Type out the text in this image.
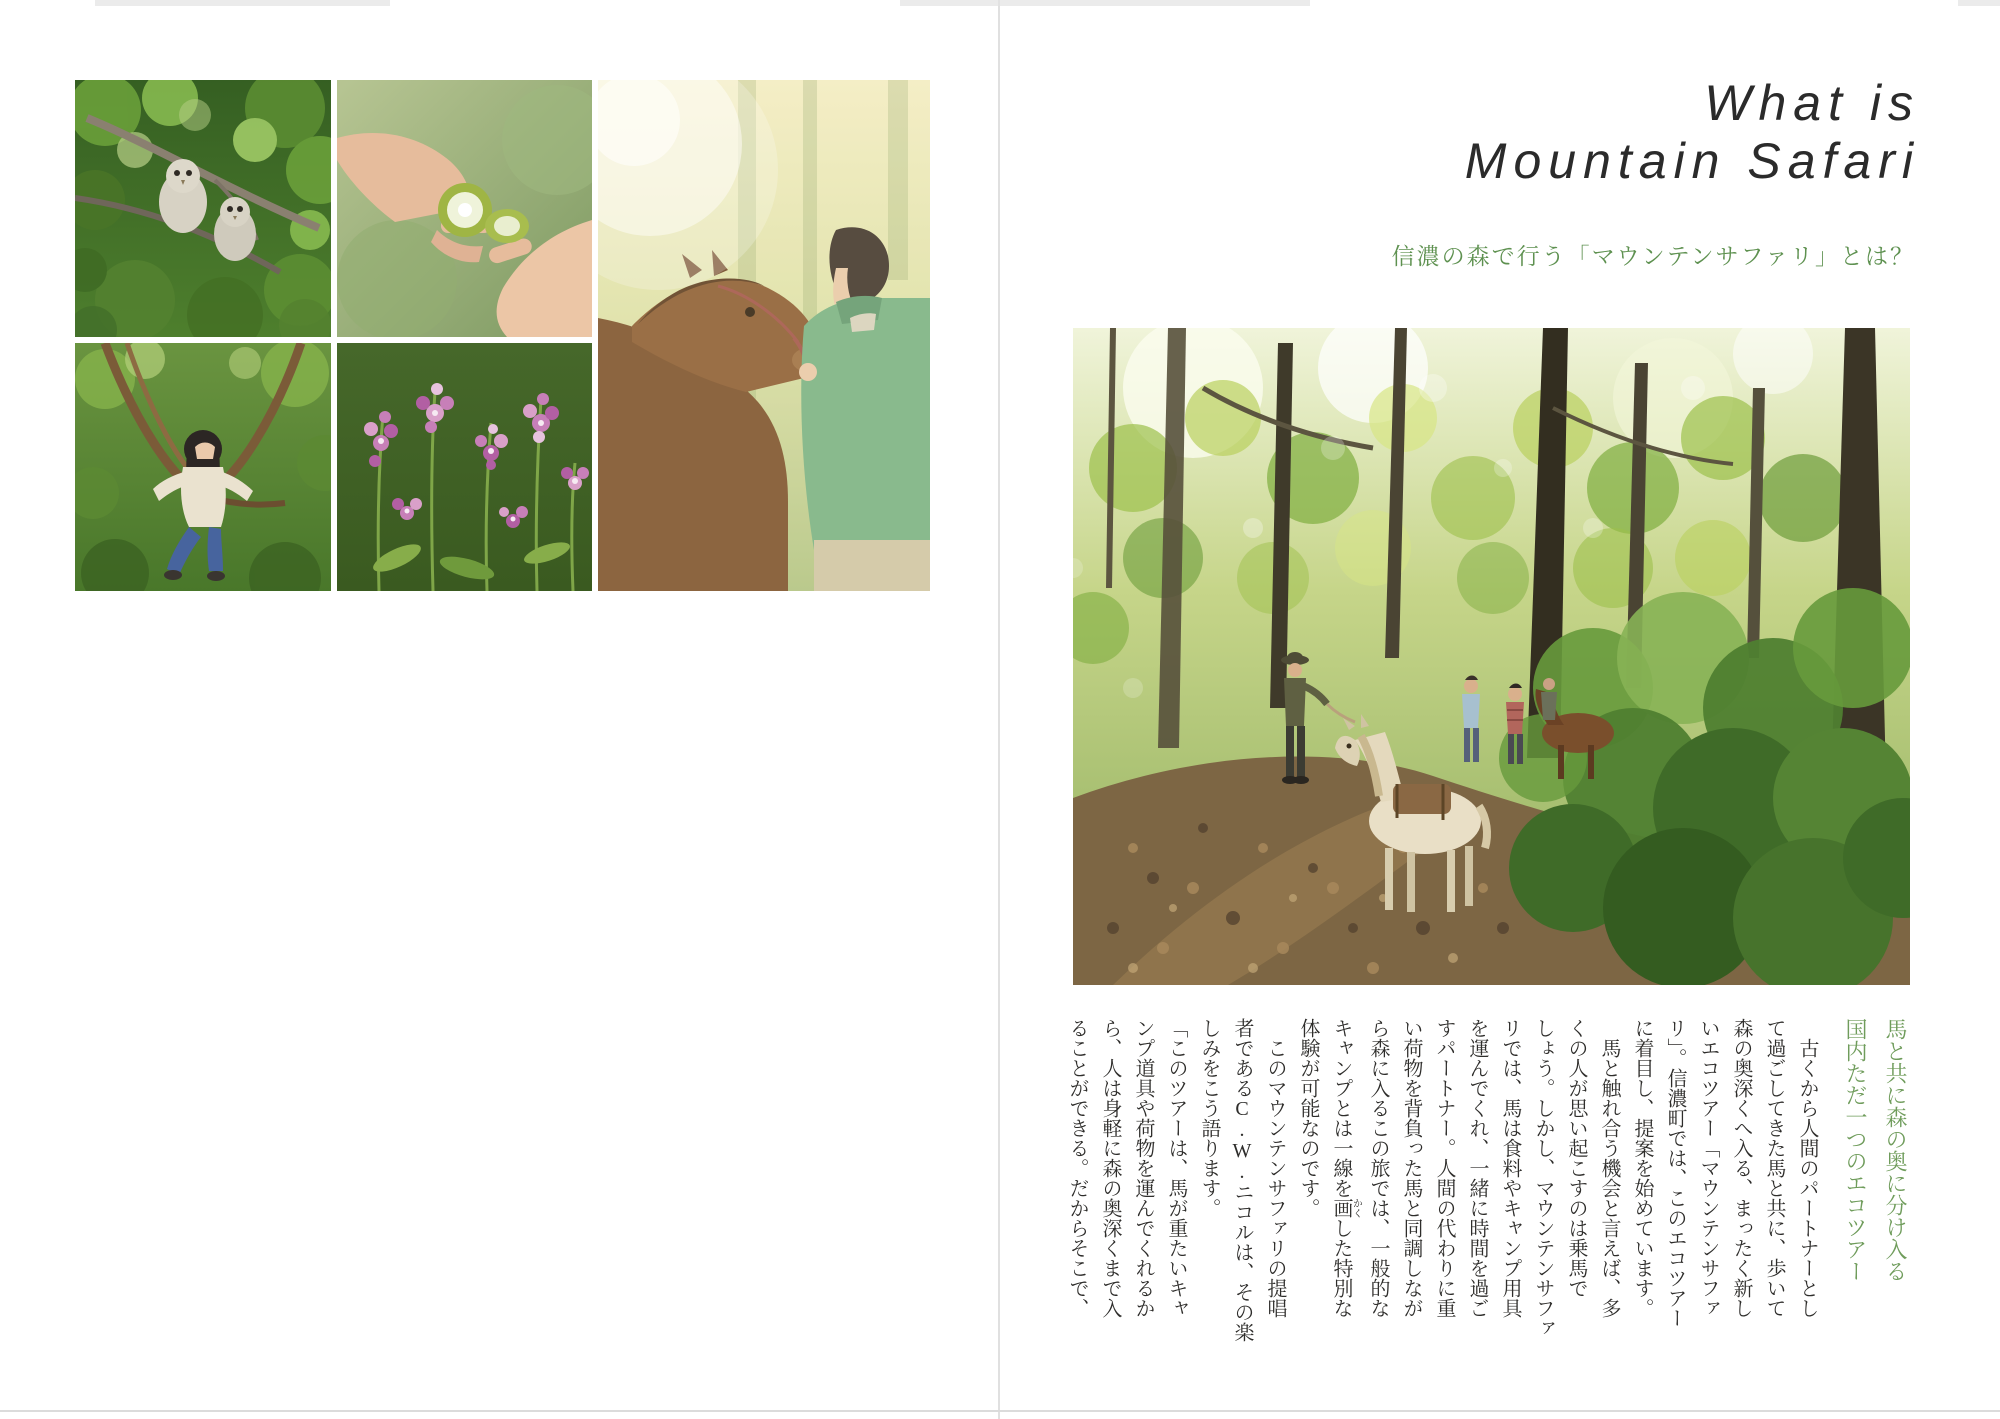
What is
Mountain Safari
信濃の森で行う「マウンテンサファリ」とは？
馬と共に森の奥に分け入る
国内ただ一つのエコツアー
　古くから人間のパートナーとし
て過ごしてきた馬と共に、歩いて
森の奥深くへ入る、まったく新し
いエコツアー「マウンテンサファ
リ」。信濃町では、このエコツアー
に着目し、提案を始めています。
　馬と触れ合う機会と言えば、多
くの人が思い起こすのは乗馬で
しょう。しかし、マウンテンサファ
リでは、馬は食料やキャンプ用具
を運んでくれ、一緒に時間を過ご
すパートナー。人間の代わりに重
い荷物を背負った馬と同調しなが
ら森に入るこの旅では、一般的な
キャンプとは一線を画かくした特別な
体験が可能なのです。
　このマウンテンサファリの提唱
者であるC.W.ニコルは、その楽
しみをこう語ります。
「このツアーは、馬が重たいキャ
ンプ道具や荷物を運んでくれるか
ら、人は身軽に森の奥深くまで入
ることができる。だからそこで、
